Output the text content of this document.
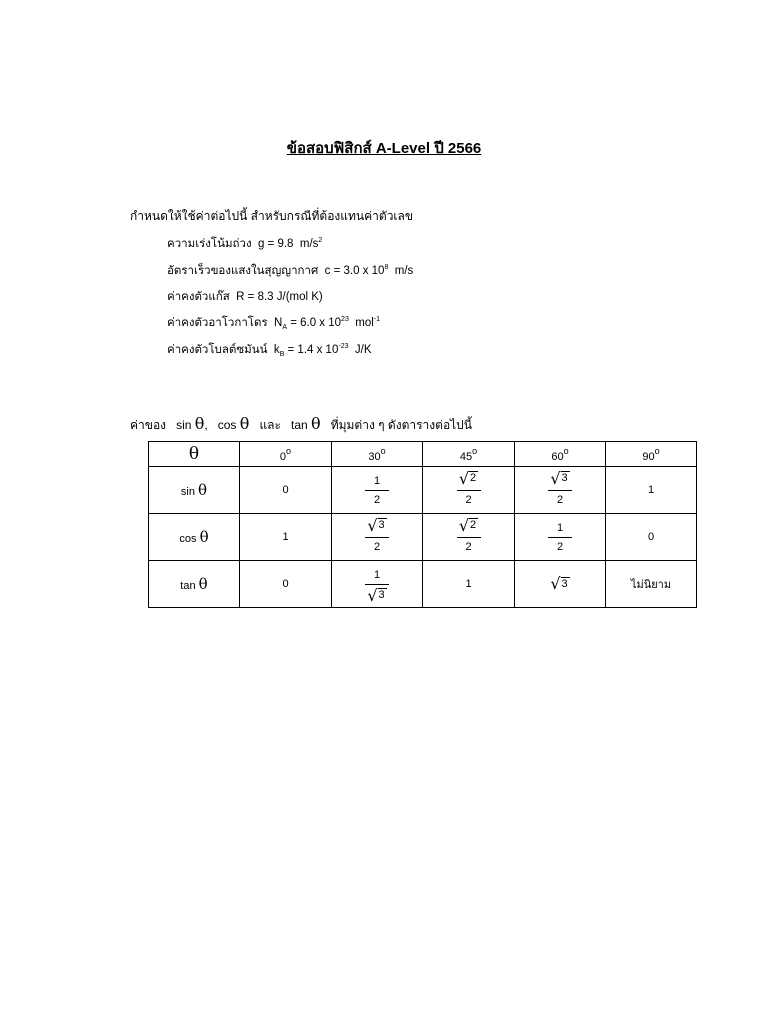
ข้อสอบฟิสิกส์ A-Level ปี 2566
กำหนดให้ใช้ค่าต่อไปนี้ สำหรับกรณีที่ต้องแทนค่าตัวเลข
ความเร่งโน้มถ่วง g = 9.8 $m/s^2$
อัตราเร็วของแสงในสุญญากาศ c = 3.0 x $10^8$ m/s
ค่าคงตัวแก๊ส R = 8.3 J/(mol K)
ค่าคงตัวอาโวกาโดร $N_A = 6.0$ x $10^{23}$ mol$^{-1}$
ค่าคงตัวโบลต์ซมันน์ $k_B = 1.4$ x $10^{-23}$ J/K
ค่าของ sin θ, cos θ และ tan θ ที่มุมต่าง ๆ ดังตารางต่อไปนี้
θ	0$^o$	30$^o$	45$^o$	60$^o$	90$^o$
sin θ	0	$\frac{1}{2}$	$\frac{√ 2}{2}$	$\frac{√ 3}{2}$	1
cos θ	1	$\frac{√ 3}{2}$	$\frac{√ 2}{2}$	$\frac{1}{2}$	0
tan θ	0	$\frac{1}{√ 3}$	1	√ 3	ไม่นิยาม
